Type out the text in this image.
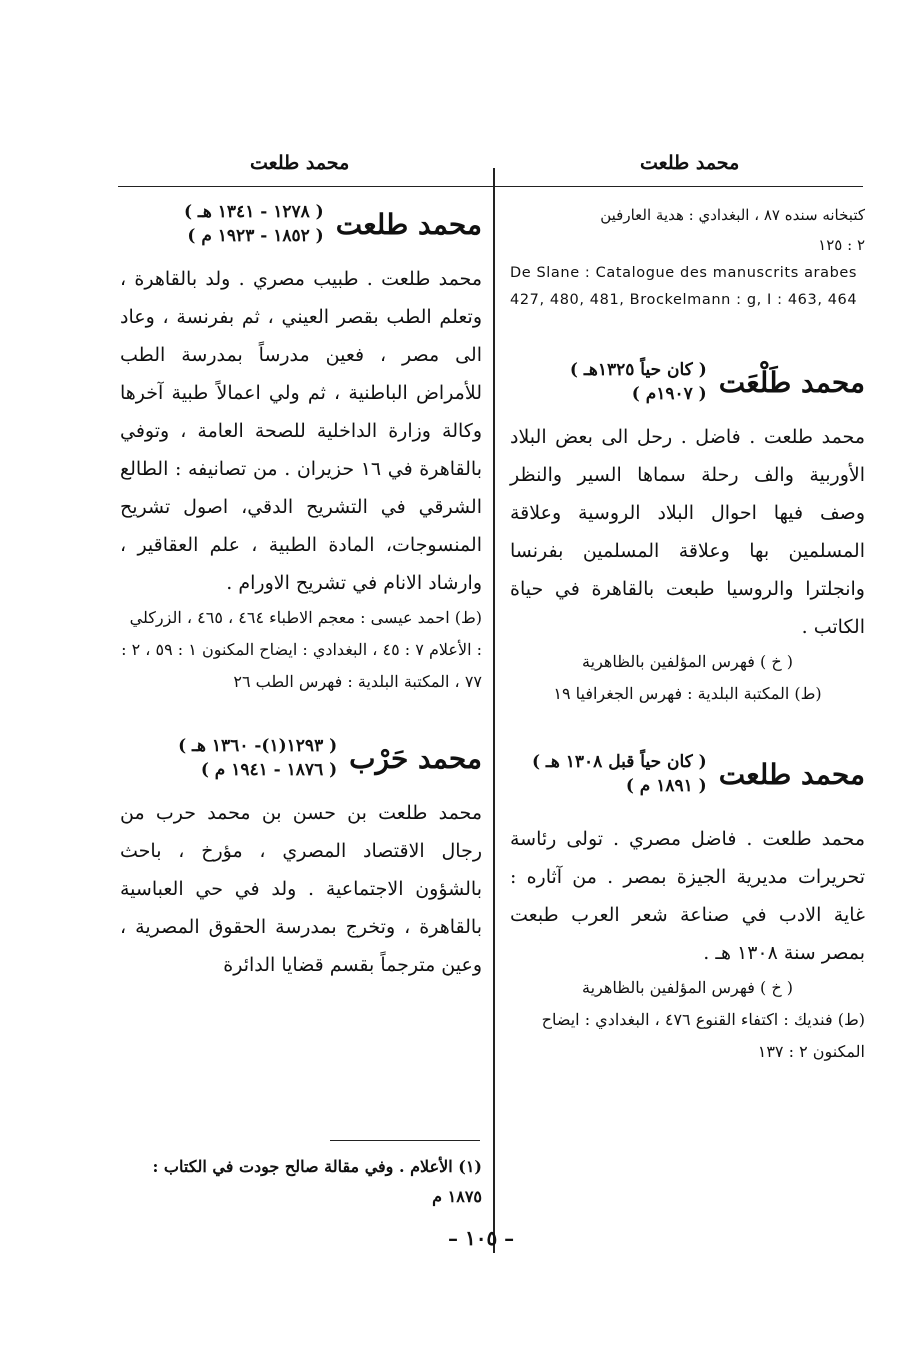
محمد طلعت	محمد طلعت

كتبخانه سنده ٨٧ ، البغدادي : هدية العارفين

٢ : ١٢٥

De Slane : Catalogue des manuscrits arabes 427, 480, 481, Brockelmann : g, I : 463, 464

محمد طَلْعَت
( كان حياً ١٣٢٥هـ )
( ١٩٠٧م )

محمد طلعت . فاضل . رحل الى بعض البلاد الأوربية والف رحلة سماها السير والنظر وصف فيها احوال البلاد الروسية وعلاقة المسلمين بها وعلاقة المسلمين بفرنسا وانجلترا والروسيا طبعت بالقاهرة في حياة الكاتب .

( خ ) فهرس المؤلفين بالظاهرية

(ط) المكتبة البلدية : فهرس الجغرافيا ١٩

محمد طلعت
( كان حياً قبل ١٣٠٨ هـ )
( ١٨٩١ م )

محمد طلعت . فاضل مصري . تولى رئاسة تحريرات مديرية الجيزة بمصر . من آثاره : غاية الادب في صناعة شعر العرب طبعت بمصر سنة ١٣٠٨ هـ .

( خ ) فهرس المؤلفين بالظاهرية

(ط) فنديك : اكتفاء القنوع ٤٧٦ ، البغدادي : ايضاح المكنون ٢ : ١٣٧

محمد طلعت
( ١٢٧٨ - ١٣٤١ هـ )
( ١٨٥٢ - ١٩٢٣ م )

محمد طلعت . طبيب مصري . ولد بالقاهرة ، وتعلم الطب بقصر العيني ، ثم بفرنسة ، وعاد الى مصر ، فعين مدرساً بمدرسة الطب للأمراض الباطنية ، ثم ولي اعمالاً طبية آخرها وكالة وزارة الداخلية للصحة العامة ، وتوفي بالقاهرة في ١٦ حزيران . من تصانيفه : الطالع الشرقي في التشريح الدقي، اصول تشريح المنسوجات، المادة الطبية ، علم العقاقير ، وارشاد الانام في تشريح الاورام .

(ط) احمد عيسى : معجم الاطباء ٤٦٤ ، ٤٦٥ ، الزركلي : الأعلام ٧ : ٤٥ ، البغدادي : ايضاح المكنون ١ : ٥٩ ، ٢ : ٧٧ ، المكتبة البلدية : فهرس الطب ٢٦

محمد حَرْب
( ١٢٩٣(١)- ١٣٦٠ هـ )
( ١٨٧٦ - ١٩٤١ م )

محمد طلعت بن حسن بن محمد حرب من رجال الاقتصاد المصري ، مؤرخ ، باحث بالشؤون الاجتماعية . ولد في حي العباسية بالقاهرة ، وتخرج بمدرسة الحقوق المصرية ، وعين مترجماً بقسم قضايا الدائرة

(١) الأعلام . وفي مقالة صالح جودت في الكتاب :
١٨٧٥ م
– ١٠٥ –
